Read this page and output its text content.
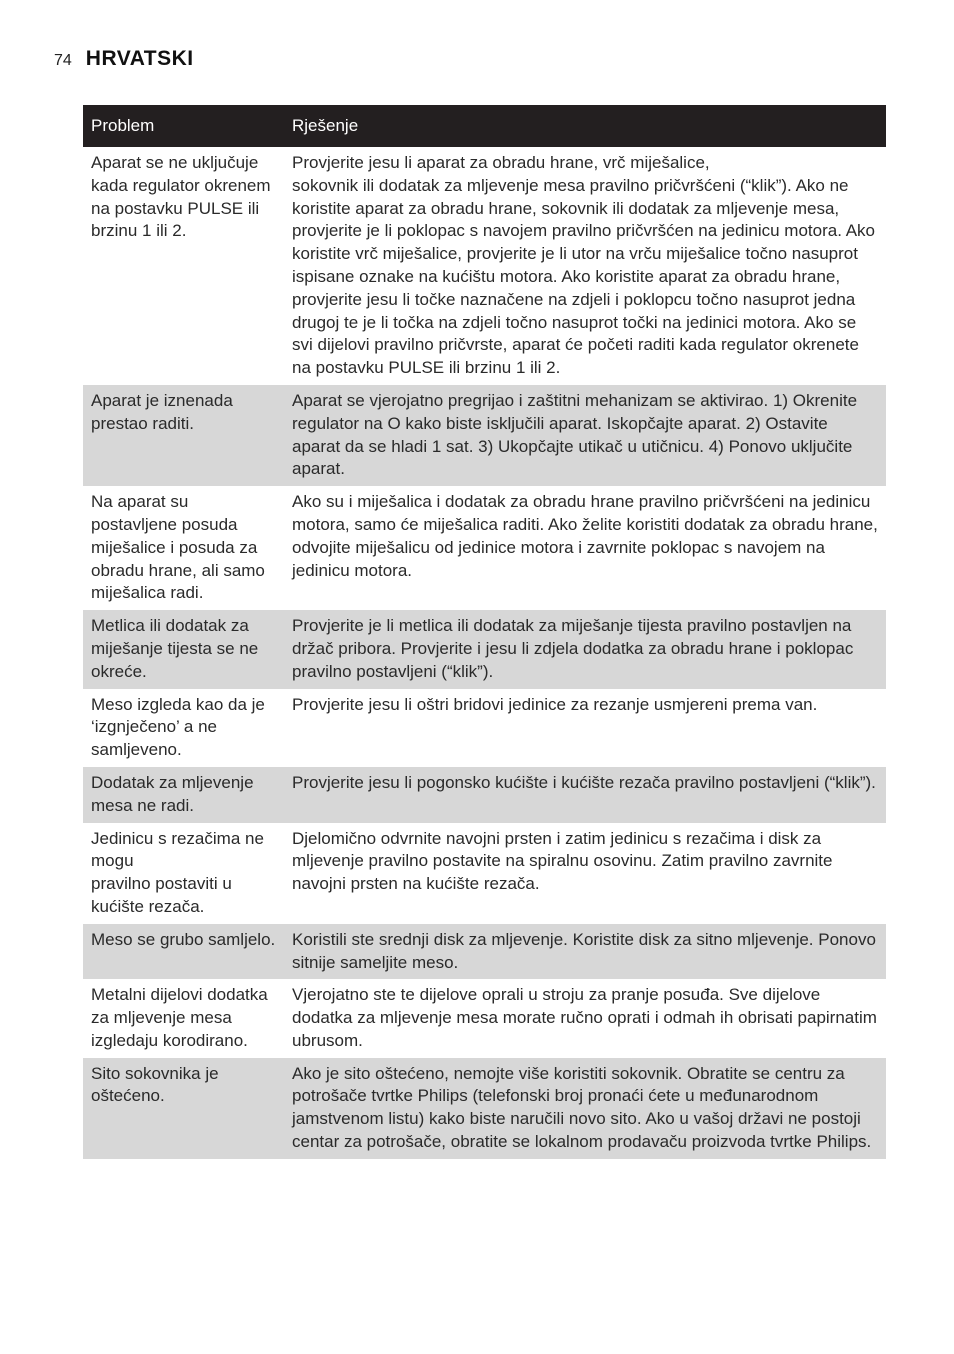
74 HRVATSKI
Problem	Rješenje
Aparat se ne uključuje kada regulator okrenem na postavku PULSE ili brzinu 1 ili 2.	Provjerite jesu li aparat za obradu hrane, vrč miješalice,
sokovnik ili dodatak za mljevenje mesa pravilno pričvršćeni (“klik”). Ako ne koristite aparat za obradu hrane, sokovnik ili dodatak za mljevenje mesa, provjerite je li poklopac s navojem pravilno pričvršćen na jedinicu motora. Ako koristite vrč miješalice, provjerite je li utor na vrču miješalice točno nasuprot ispisane oznake na kućištu motora. Ako koristite aparat za obradu hrane, provjerite jesu li točke naznačene na zdjeli i poklopcu točno nasuprot jedna drugoj te je li točka na zdjeli točno nasuprot točki na jedinici motora. Ako se svi dijelovi pravilno pričvrste, aparat će početi raditi kada regulator okrenete na postavku PULSE ili brzinu 1 ili 2.
Aparat je iznenada prestao raditi.	Aparat se vjerojatno pregrijao i zaštitni mehanizam se aktivirao. 1) Okrenite regulator na O kako biste isključili aparat. Iskopčajte aparat. 2) Ostavite aparat da se hladi 1 sat. 3) Ukopčajte utikač u utičnicu. 4) Ponovo uključite aparat.
Na aparat su postavljene posuda miješalice i posuda za obradu hrane, ali samo miješalica radi.	Ako su i miješalica i dodatak za obradu hrane pravilno pričvršćeni na jedinicu motora, samo će miješalica raditi. Ako želite koristiti dodatak za obradu hrane, odvojite miješalicu od jedinice motora i zavrnite poklopac s navojem na jedinicu motora.
Metlica ili dodatak za miješanje tijesta se ne okreće.	Provjerite je li metlica ili dodatak za miješanje tijesta pravilno postavljen na držač pribora. Provjerite i jesu li zdjela dodatka za obradu hrane i poklopac pravilno postavljeni (“klik”).
Meso izgleda kao da je ‘izgnječeno’ a ne samljeveno.	Provjerite jesu li oštri bridovi jedinice za rezanje usmjereni prema van.
Dodatak za mljevenje mesa ne radi.	Provjerite jesu li pogonsko kućište i kućište rezača pravilno postavljeni (“klik”).
Jedinicu s rezačima ne mogu
pravilno postaviti u kućište rezača.	Djelomično odvrnite navojni prsten i zatim jedinicu s rezačima i disk za mljevenje pravilno postavite na spiralnu osovinu. Zatim pravilno zavrnite navojni prsten na kućište rezača.
Meso se grubo samljelo.	Koristili ste srednji disk za mljevenje. Koristite disk za sitno mljevenje. Ponovo sitnije sameljite meso.
Metalni dijelovi dodatka za mljevenje mesa izgledaju korodirano.	Vjerojatno ste te dijelove oprali u stroju za pranje posuđa. Sve dijelove dodatka za mljevenje mesa morate ručno oprati i odmah ih obrisati papirnatim ubrusom.
Sito sokovnika je oštećeno.	Ako je sito oštećeno, nemojte više koristiti sokovnik. Obratite se centru za potrošače tvrtke Philips (telefonski broj pronaći ćete u međunarodnom jamstvenom listu) kako biste naručili novo sito. Ako u vašoj državi ne postoji centar za potrošače, obratite se lokalnom prodavaču proizvoda tvrtke Philips.
